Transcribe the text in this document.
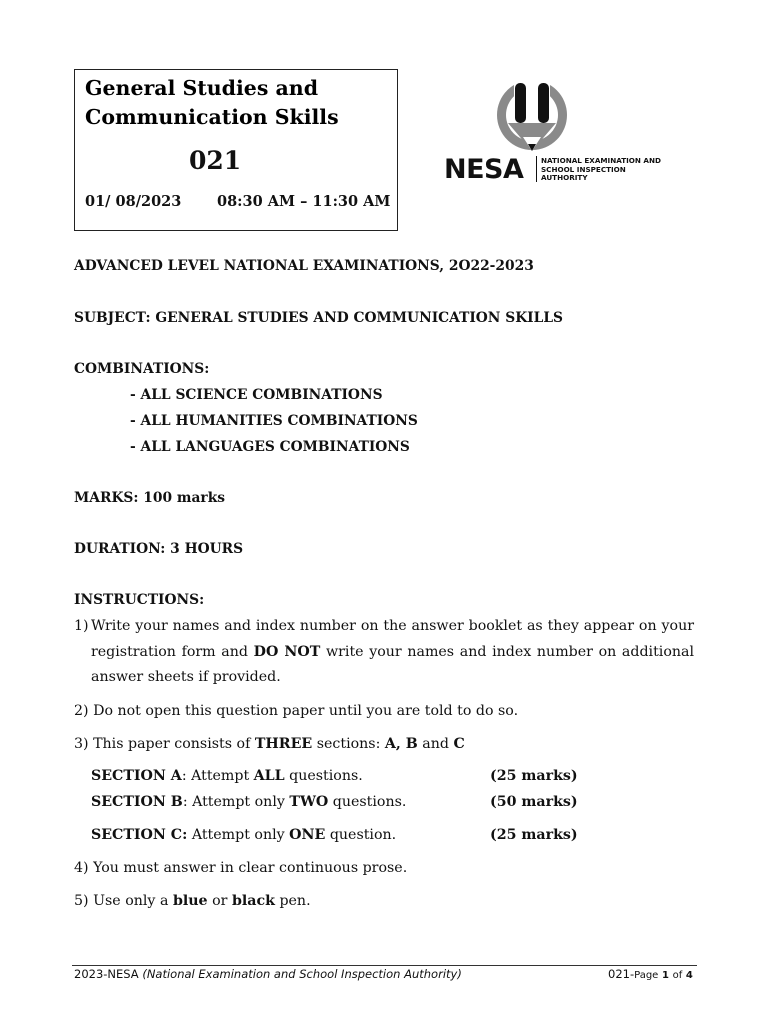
General Studies and
Communication Skills
021
01/ 08/2023 08:30 AM – 11:30 AM
NESA NATIONAL EXAMINATION AND
SCHOOL INSPECTION
AUTHORITY
ADVANCED LEVEL NATIONAL EXAMINATIONS, 2O22-2023
SUBJECT: GENERAL STUDIES AND COMMUNICATION SKILLS
COMBINATIONS:
- ALL SCIENCE COMBINATIONS
- ALL HUMANITIES COMBINATIONS
- ALL LANGUAGES COMBINATIONS
MARKS: 100 marks
DURATION: 3 HOURS
INSTRUCTIONS:
1) Write your names and index number on the answer booklet as they appear on your registration form and DO NOT write your names and index number on additional answer sheets if provided.
2) Do not open this question paper until you are told to do so.
3) This paper consists of THREE sections: A, B and C
SECTION A: Attempt ALL questions.	(25 marks)
SECTION B: Attempt only TWO questions.	(50 marks)
SECTION C: Attempt only ONE question.	(25 marks)
4) You must answer in clear continuous prose.
5) Use only a blue or black pen.
2023-NESA (National Examination and School Inspection Authority)	021-Page 1 of 4
